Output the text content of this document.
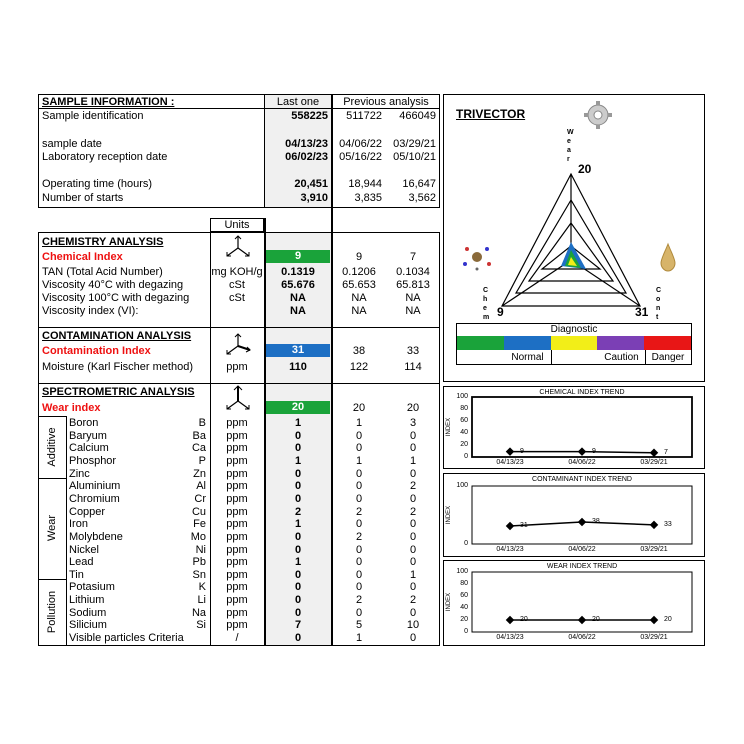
SAMPLE INFORMATION :	Last one	Previous analysis
Sample identification	558225	511722	466049
sample date	04/13/23	04/06/22	03/29/21
Laboratory reception date	06/02/23	05/16/22	05/10/21
Operating time (hours)	20,451	18,944	16,647
Number of starts	3,910	3,835	3,562
Units
CHEMISTRY ANALYSIS
Chemical Index	9	9	7
TAN (Total Acid Number)	mg KOH/g	0.1319	0.1206	0.1034
Viscosity 40°C with degazing	cSt	65.676	65.653	65.813
Viscosity 100°C with degazing	cSt	NA	NA	NA
Viscosity index (VI):	NA	NA	NA
CONTAMINATION ANALYSIS
Contamination Index	31	38	33
Moisture (Karl Fischer method)	ppm	110	122	114
SPECTROMETRIC ANALYSIS
Wear index	20	20	20
Additive
Wear
Pollution
Boron	B	ppm	1	1	3
Baryum	Ba	ppm	0	0	0
Calcium	Ca	ppm	0	0	0
Phosphor	P	ppm	1	1	1
Zinc	Zn	ppm	0	0	0
Aluminium	Al	ppm	0	0	2
Chromium	Cr	ppm	0	0	0
Copper	Cu	ppm	2	2	2
Iron	Fe	ppm	1	0	0
Molybdene	Mo	ppm	0	2	0
Nickel	Ni	ppm	0	0	0
Lead	Pb	ppm	1	0	0
Tin	Sn	ppm	0	0	1
Potasium	K	ppm	0	0	0
Lithium	Li	ppm	0	2	2
Sodium	Na	ppm	0	0	0
Silicium	Si	ppm	7	5	10
Visible particles Criteria	/	0	1	0
TRIVECTOR
20
9	31
Wear
Chem
Cont
Diagnostic
Normal	Caution	Danger
CHEMICAL INDEX TREND
100
80
60
40
20
0
INDEX
9
04/13/23
9
04/06/22
7
03/29/21
CONTAMINANT INDEX TREND
100
0
INDEX
31
04/13/23
38
04/06/22
33
03/29/21
WEAR INDEX TREND
100
80
60
40
20
0
INDEX
20
04/13/23
20
04/06/22
20
03/29/21
